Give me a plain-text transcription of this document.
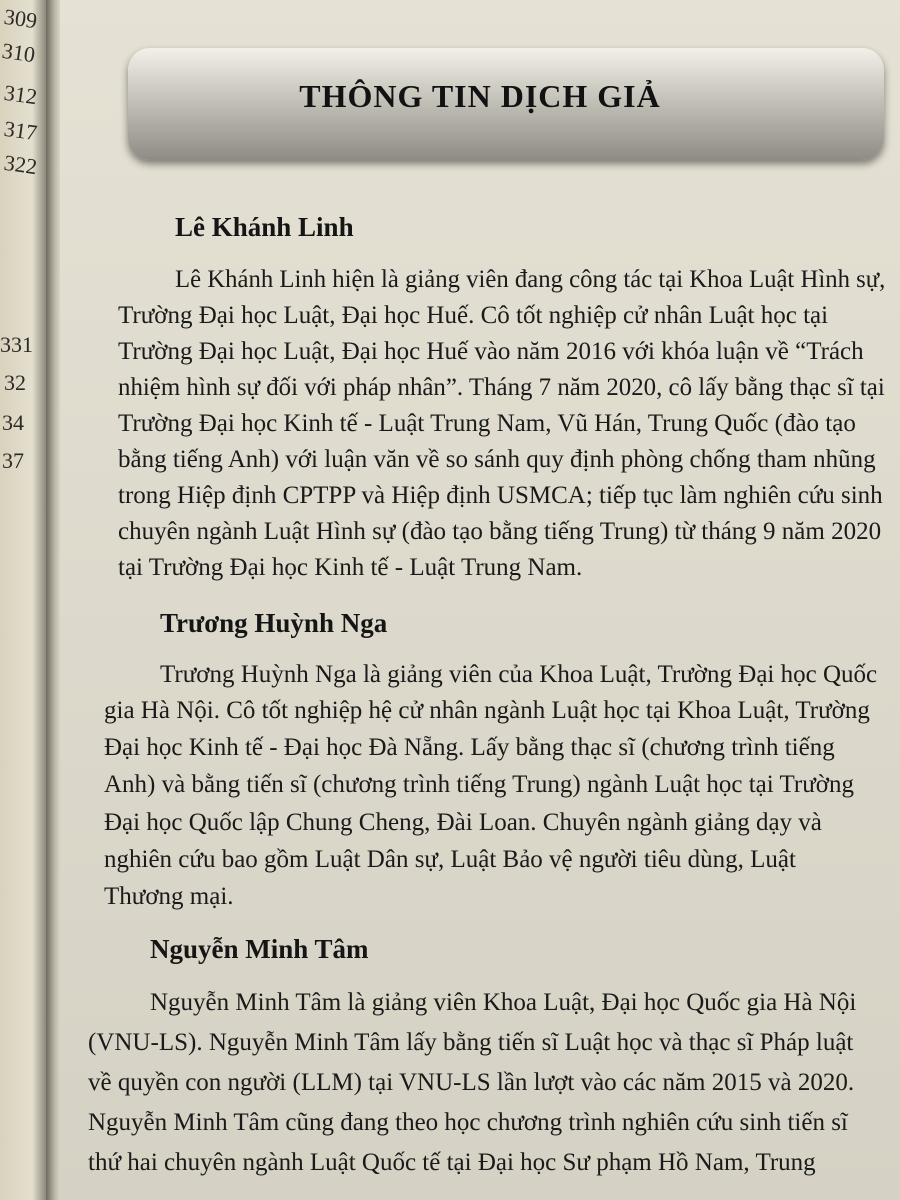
309
310
312
317
322
331
32
34
37
THÔNG TIN DỊCH GIẢ
Lê Khánh Linh
Lê Khánh Linh hiện là giảng viên đang công tác tại Khoa Luật Hình sự,
Trường Đại học Luật, Đại học Huế. Cô tốt nghiệp cử nhân Luật học tại
Trường Đại học Luật, Đại học Huế vào năm 2016 với khóa luận về “Trách
nhiệm hình sự đối với pháp nhân”. Tháng 7 năm 2020, cô lấy bằng thạc sĩ tại
Trường Đại học Kinh tế - Luật Trung Nam, Vũ Hán, Trung Quốc (đào tạo
bằng tiếng Anh) với luận văn về so sánh quy định phòng chống tham nhũng
trong Hiệp định CPTPP và Hiệp định USMCA; tiếp tục làm nghiên cứu sinh
chuyên ngành Luật Hình sự (đào tạo bằng tiếng Trung) từ tháng 9 năm 2020
tại Trường Đại học Kinh tế - Luật Trung Nam.
Trương Huỳnh Nga
Trương Huỳnh Nga là giảng viên của Khoa Luật, Trường Đại học Quốc
gia Hà Nội. Cô tốt nghiệp hệ cử nhân ngành Luật học tại Khoa Luật, Trường
Đại học Kinh tế - Đại học Đà Nẵng. Lấy bằng thạc sĩ (chương trình tiếng
Anh) và bằng tiến sĩ (chương trình tiếng Trung) ngành Luật học tại Trường
Đại học Quốc lập Chung Cheng, Đài Loan. Chuyên ngành giảng dạy và
nghiên cứu bao gồm Luật Dân sự, Luật Bảo vệ người tiêu dùng, Luật
Thương mại.
Nguyễn Minh Tâm
Nguyễn Minh Tâm là giảng viên Khoa Luật, Đại học Quốc gia Hà Nội
(VNU-LS). Nguyễn Minh Tâm lấy bằng tiến sĩ Luật học và thạc sĩ Pháp luật
về quyền con người (LLM) tại VNU-LS lần lượt vào các năm 2015 và 2020.
Nguyễn Minh Tâm cũng đang theo học chương trình nghiên cứu sinh tiến sĩ
thứ hai chuyên ngành Luật Quốc tế tại Đại học Sư phạm Hồ Nam, Trung
